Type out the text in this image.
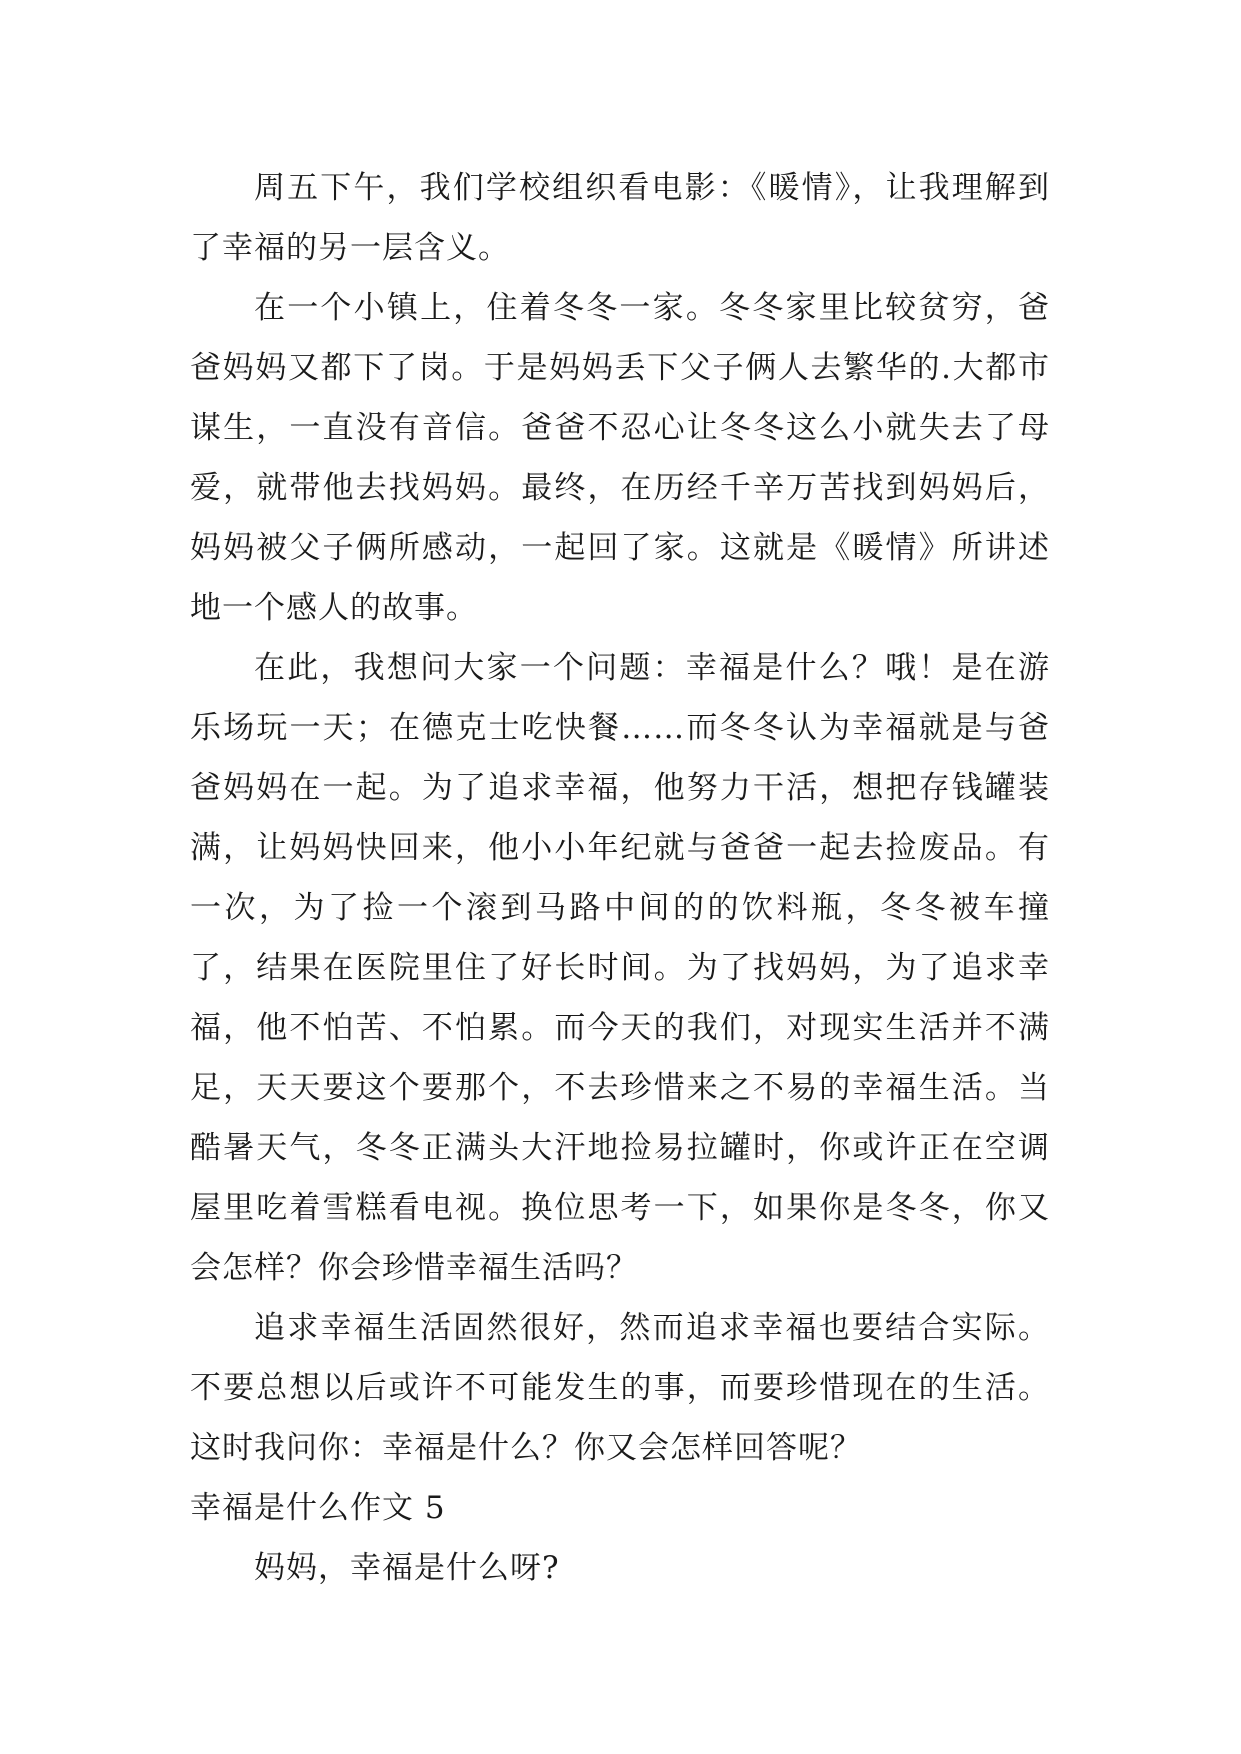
周五下午，我们学校组织看电影：《暖情》，让我理解到了幸福的另一层含义。

在一个小镇上，住着冬冬一家。冬冬家里比较贫穷，爸爸妈妈又都下了岗。于是妈妈丢下父子俩人去繁华的.大都市谋生，一直没有音信。爸爸不忍心让冬冬这么小就失去了母爱，就带他去找妈妈。最终，在历经千辛万苦找到妈妈后，妈妈被父子俩所感动，一起回了家。这就是《暖情》所讲述地一个感人的故事。

在此，我想问大家一个问题：幸福是什么？哦！是在游乐场玩一天；在德克士吃快餐……而冬冬认为幸福就是与爸爸妈妈在一起。为了追求幸福，他努力干活，想把存钱罐装满，让妈妈快回来，他小小年纪就与爸爸一起去捡废品。有一次，为了捡一个滚到马路中间的的饮料瓶，冬冬被车撞了，结果在医院里住了好长时间。为了找妈妈，为了追求幸福，他不怕苦、不怕累。而今天的我们，对现实生活并不满足，天天要这个要那个，不去珍惜来之不易的幸福生活。当酷暑天气，冬冬正满头大汗地捡易拉罐时，你或许正在空调屋里吃着雪糕看电视。换位思考一下，如果你是冬冬，你又会怎样？你会珍惜幸福生活吗？

追求幸福生活固然很好，然而追求幸福也要结合实际。不要总想以后或许不可能发生的事，而要珍惜现在的生活。这时我问你：幸福是什么？你又会怎样回答呢？

幸福是什么作文 5

妈妈，幸福是什么呀?
